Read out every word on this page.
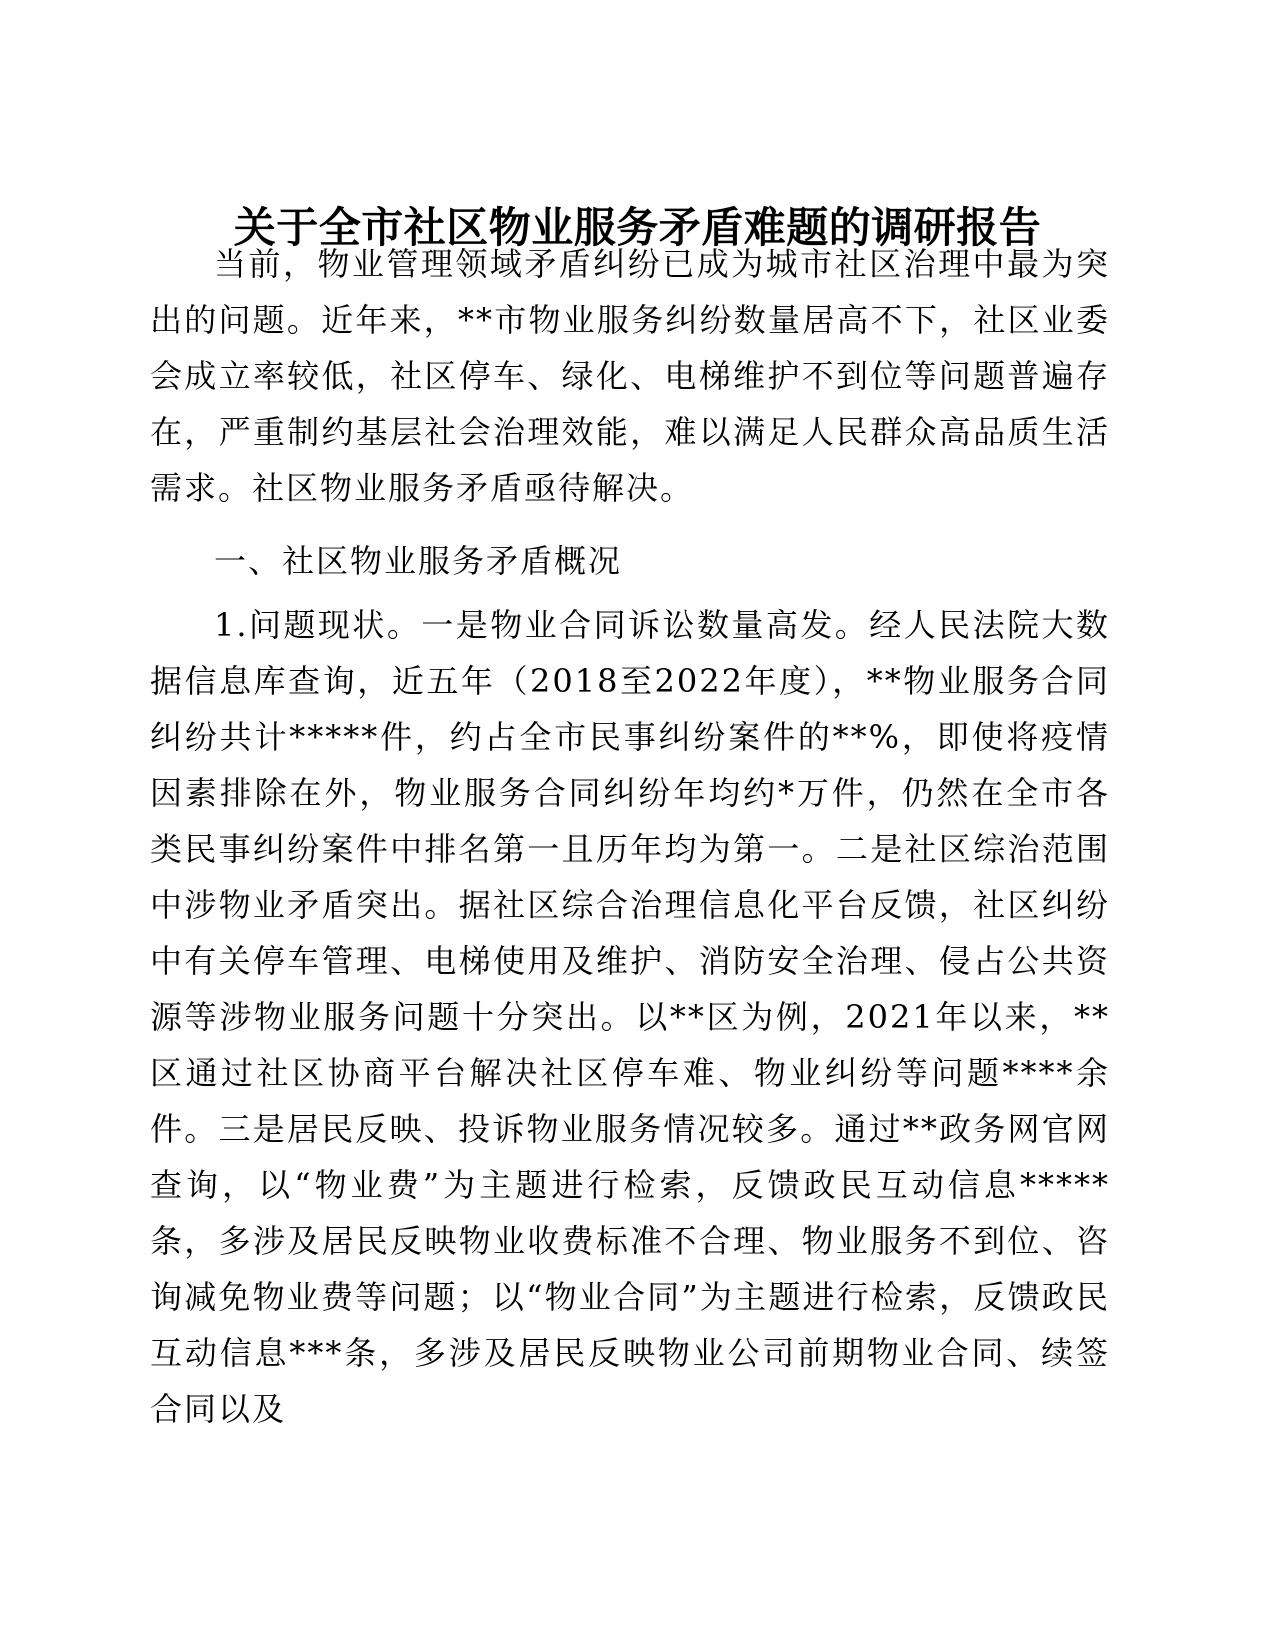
关于全市社区物业服务矛盾难题的调研报告

当前，物业管理领域矛盾纠纷已成为城市社区治理中最为突出的问题。近年来，**市物业服务纠纷数量居高不下，社区业委会成立率较低，社区停车、绿化、电梯维护不到位等问题普遍存在，严重制约基层社会治理效能，难以满足人民群众高品质生活需求。社区物业服务矛盾亟待解决。

一、社区物业服务矛盾概况

1.问题现状。一是物业合同诉讼数量高发。经人民法院大数据信息库查询，近五年（2018至2022年度），**物业服务合同纠纷共计*****件，约占全市民事纠纷案件的**%，即使将疫情因素排除在外，物业服务合同纠纷年均约*万件，仍然在全市各类民事纠纷案件中排名第一且历年均为第一。二是社区综治范围中涉物业矛盾突出。据社区综合治理信息化平台反馈，社区纠纷中有关停车管理、电梯使用及维护、消防安全治理、侵占公共资源等涉物业服务问题十分突出。以**区为例，2021年以来，**区通过社区协商平台解决社区停车难、物业纠纷等问题****余件。三是居民反映、投诉物业服务情况较多。通过**政务网官网查询，以“物业费”为主题进行检索，反馈政民互动信息*****条，多涉及居民反映物业收费标准不合理、物业服务不到位、咨询减免物业费等问题；以“物业合同”为主题进行检索，反馈政民互动信息***条，多涉及居民反映物业公司前期物业合同、续签合同以及
